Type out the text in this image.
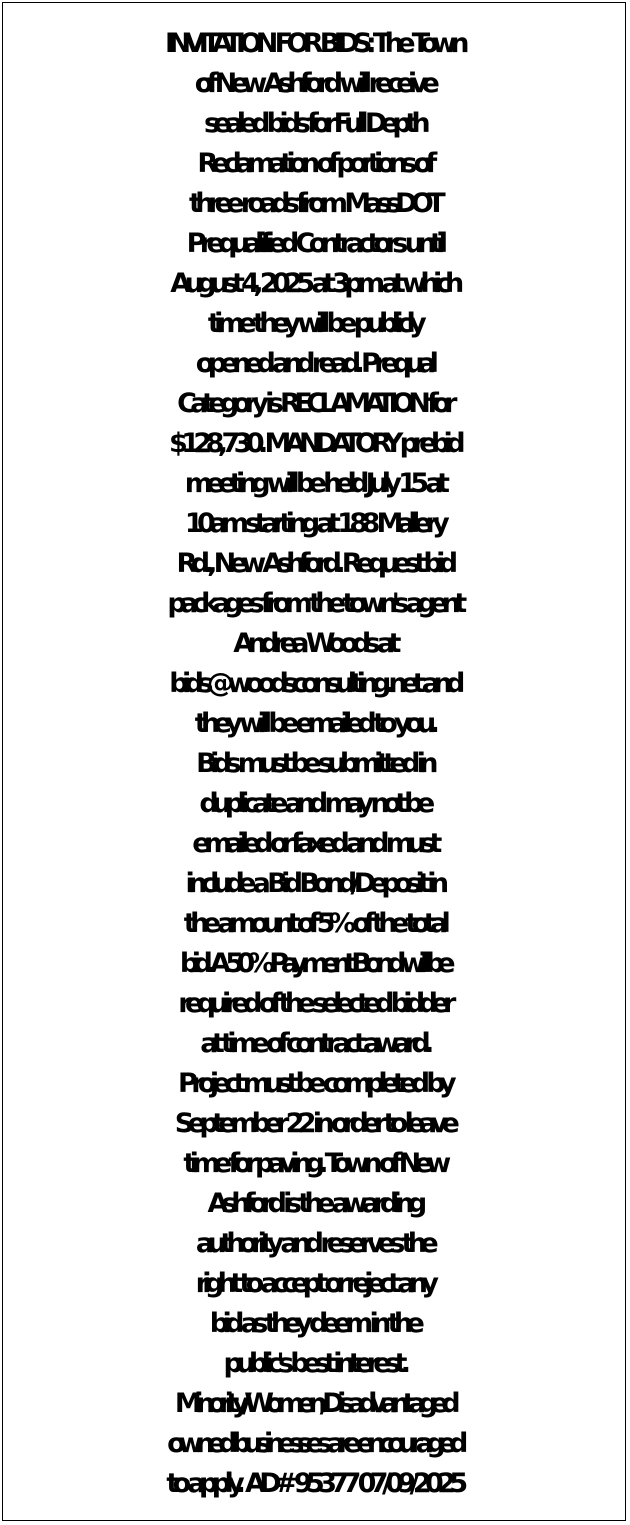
INVITATION FOR BIDS: The Town
of New Ashford will receive
sealed bids for Full Depth
Reclamation of portions of
three roads from MassDOT
Prequalified Contractors until
August 4, 2025 at 3pm at which
time they will be publicly
opened and read. Prequal
Category is RECLAMATION for
$128,730. MANDATORY prebid
meeting will be held July 15 at
10am starting at 188 Mallery
Rd., New Ashford. Request bid
packages from the town's agent
Andrea Woods at
bids@woodsconsulting.net and
they will be emailed to you.
Bids must be submitted in
duplicate and may not be
emailed or faxed and must
include a Bid Bond/Deposit in
the amount of 5% of the total
bid. A 50% Payment Bond will be
required of the selected bidder
at time of contract award.
Project must be completed by
September 22 in order to leave
time for paving. Town of New
Ashford is the awarding
authority and reserves the
right to accept or reject any
bid as they deem in the
public's best interest.
Minority/Women/Disadvantaged
owned businesses are encouraged
to apply.  AD# 95377 07/09/2025
